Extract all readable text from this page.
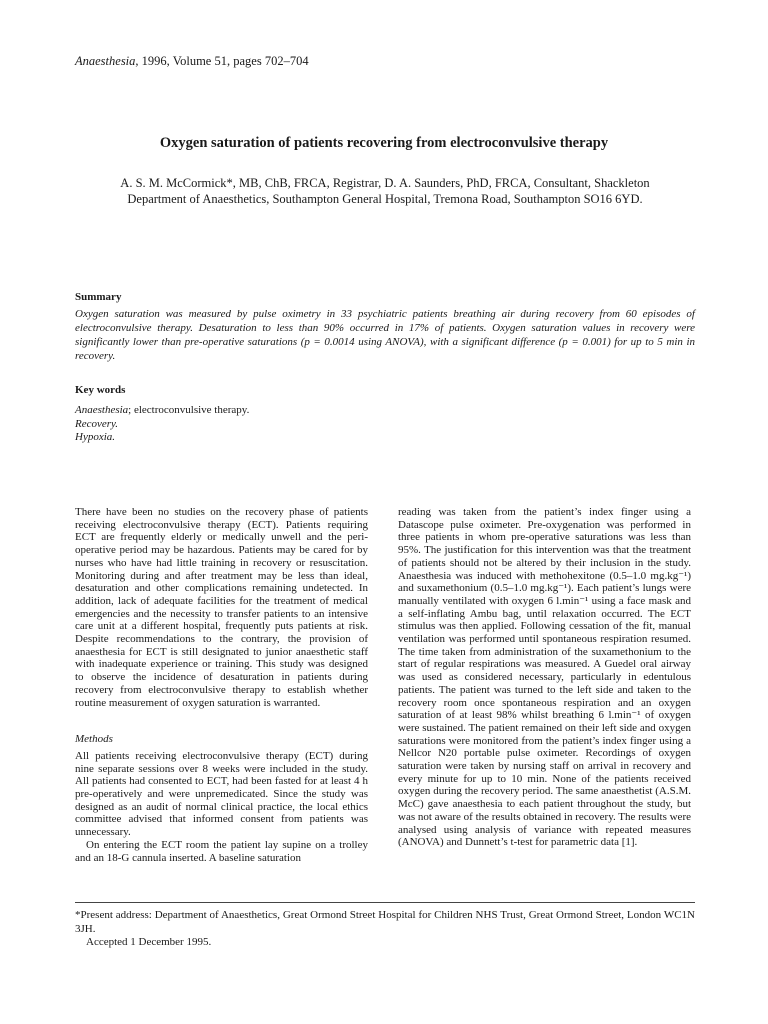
Anaesthesia, 1996, Volume 51, pages 702–704
Oxygen saturation of patients recovering from electroconvulsive therapy
A. S. M. McCormick*, MB, ChB, FRCA, Registrar, D. A. Saunders, PhD, FRCA, Consultant, Shackleton
Department of Anaesthetics, Southampton General Hospital, Tremona Road, Southampton SO16 6YD.
Summary
Oxygen saturation was measured by pulse oximetry in 33 psychiatric patients breathing air during recovery from 60 episodes of electroconvulsive therapy. Desaturation to less than 90% occurred in 17% of patients. Oxygen saturation values in recovery were significantly lower than pre-operative saturations (p = 0.0014 using ANOVA), with a significant difference (p = 0.001) for up to 5 min in recovery.
Key words
Anaesthesia; electroconvulsive therapy.
Recovery.
Hypoxia.

There have been no studies on the recovery phase of patients receiving electroconvulsive therapy (ECT). Patients requiring ECT are frequently elderly or medically unwell and the peri-operative period may be hazardous. Patients may be cared for by nurses who have had little training in recovery or resuscitation. Monitoring during and after treatment may be less than ideal, desaturation and other complications remaining undetected. In addition, lack of adequate facilities for the treatment of medical emergencies and the necessity to transfer patients to an intensive care unit at a different hospital, frequently puts patients at risk. Despite recommendations to the contrary, the provision of anaesthesia for ECT is still designated to junior anaesthetic staff with inadequate experience or training. This study was designed to observe the incidence of desaturation in patients during recovery from electroconvulsive therapy to establish whether routine measurement of oxygen saturation is warranted.

Methods

All patients receiving electroconvulsive therapy (ECT) during nine separate sessions over 8 weeks were included in the study. All patients had consented to ECT, had been fasted for at least 4 h pre-operatively and were unpremedicated. Since the study was designed as an audit of normal clinical practice, the local ethics committee advised that informed consent from patients was unnecessary.

On entering the ECT room the patient lay supine on a trolley and an 18-G cannula inserted. A baseline saturation

reading was taken from the patient’s index finger using a Datascope pulse oximeter. Pre-oxygenation was performed in three patients in whom pre-operative saturations was less than 95%. The justification for this intervention was that the treatment of patients should not be altered by their inclusion in the study. Anaesthesia was induced with methohexitone (0.5–1.0 mg.kg⁻¹) and suxamethonium (0.5–1.0 mg.kg⁻¹). Each patient’s lungs were manually ventilated with oxygen 6 l.min⁻¹ using a face mask and a self-inflating Ambu bag, until relaxation occurred. The ECT stimulus was then applied. Following cessation of the fit, manual ventilation was performed until spontaneous respiration resumed. The time taken from administration of the suxamethonium to the start of regular respirations was measured. A Guedel oral airway was used as considered necessary, particularly in edentulous patients. The patient was turned to the left side and taken to the recovery room once spontaneous respiration and an oxygen saturation of at least 98% whilst breathing 6 l.min⁻¹ of oxygen were sustained. The patient remained on their left side and oxygen saturations were monitored from the patient’s index finger using a Nellcor N20 portable pulse oximeter. Recordings of oxygen saturation were taken by nursing staff on arrival in recovery and every minute for up to 10 min. None of the patients received oxygen during the recovery period. The same anaesthetist (A.S.M. McC) gave anaesthesia to each patient throughout the study, but was not aware of the results obtained in recovery. The results were analysed using analysis of variance with repeated measures (ANOVA) and Dunnett’s t-test for parametric data [1].

*Present address: Department of Anaesthetics, Great Ormond Street Hospital for Children NHS Trust, Great Ormond Street, London WC1N 3JH.
Accepted 1 December 1995.
